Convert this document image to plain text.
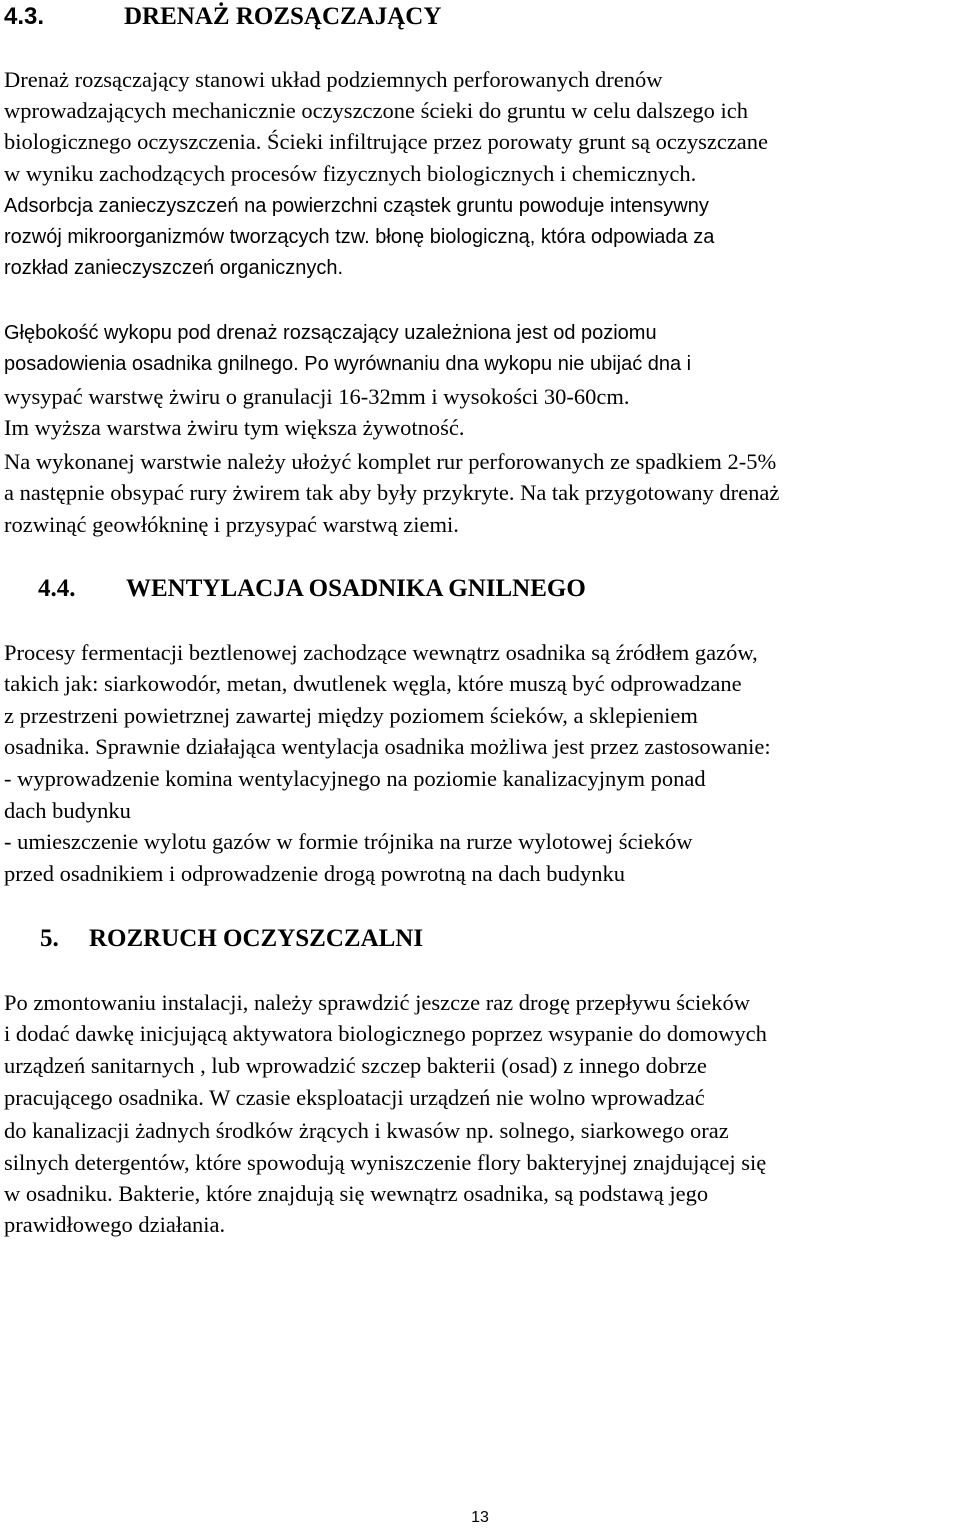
4.3.	DRENAŻ ROZSĄCZAJĄCY

Drenaż rozsączający stanowi układ podziemnych perforowanych drenów

wprowadzających mechanicznie oczyszczone ścieki do gruntu w celu dalszego ich

biologicznego oczyszczenia. Ścieki infiltrujące przez porowaty grunt są oczyszczane

w wyniku zachodzących procesów fizycznych biologicznych i chemicznych.

Adsorbcja zanieczyszczeń na powierzchni cząstek gruntu powoduje intensywny

rozwój mikroorganizmów tworzących tzw. błonę biologiczną, która odpowiada za

rozkład zanieczyszczeń organicznych.

Głębokość wykopu pod drenaż rozsączający uzależniona jest od poziomu

posadowienia osadnika gnilnego. Po wyrównaniu dna wykopu nie ubijać dna i

wysypać warstwę żwiru o granulacji 16-32mm i wysokości 30-60cm.

Im wyższa warstwa żwiru tym większa żywotność.

Na wykonanej warstwie należy ułożyć komplet rur perforowanych ze spadkiem 2-5%

a następnie obsypać rury żwirem tak aby były przykryte. Na tak przygotowany drenaż

rozwinąć geowłókninę i przysypać warstwą ziemi.

4.4. WENTYLACJA OSADNIKA GNILNEGO

Procesy fermentacji beztlenowej zachodzące wewnątrz osadnika są źródłem gazów,

takich jak: siarkowodór, metan, dwutlenek węgla, które muszą być odprowadzane

z przestrzeni powietrznej zawartej między poziomem ścieków, a sklepieniem

osadnika. Sprawnie działająca wentylacja osadnika możliwa jest przez zastosowanie:

- wyprowadzenie komina wentylacyjnego na poziomie kanalizacyjnym ponad

dach budynku

- umieszczenie wylotu gazów w formie trójnika na rurze wylotowej ścieków

przed osadnikiem i odprowadzenie drogą powrotną na dach budynku

5. ROZRUCH OCZYSZCZALNI

Po zmontowaniu instalacji, należy sprawdzić jeszcze raz drogę przepływu ścieków

i dodać dawkę inicjującą aktywatora biologicznego poprzez wsypanie do domowych

urządzeń sanitarnych , lub wprowadzić szczep bakterii (osad) z innego dobrze

pracującego osadnika. W czasie eksploatacji urządzeń nie wolno wprowadzać

do kanalizacji żadnych środków żrących i kwasów np. solnego, siarkowego oraz

silnych detergentów, które spowodują wyniszczenie flory bakteryjnej znajdującej się

w osadniku. Bakterie, które znajdują się wewnątrz osadnika, są podstawą jego

prawidłowego działania.

13
